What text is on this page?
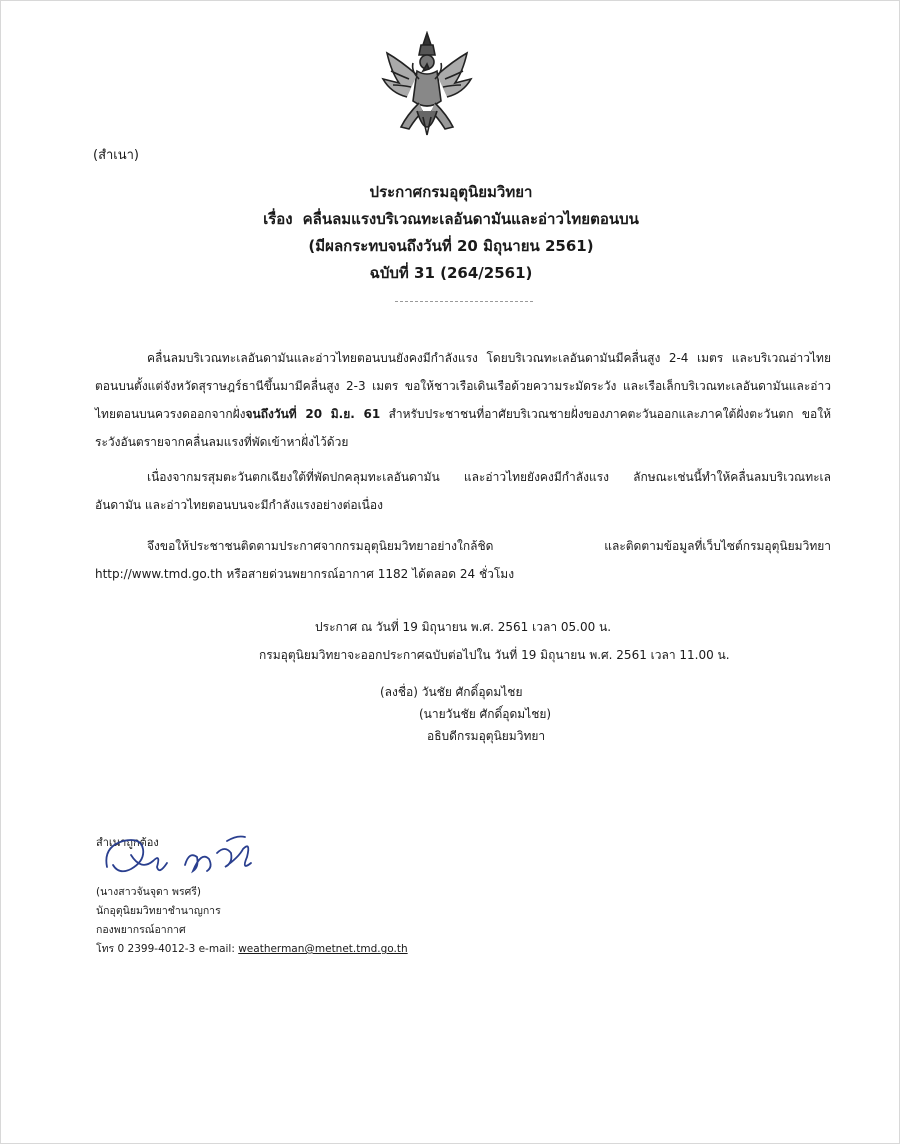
(สำเนา)
ประกาศกรมอุตุนิยมวิทยา
เรื่อง คลื่นลมแรงบริเวณทะเลอันดามันและอ่าวไทยตอนบน
(มีผลกระทบจนถึงวันที่ 20 มิถุนายน 2561)
ฉบับที่ 31 (264/2561)
คลื่นลมบริเวณทะเลอันดามันและอ่าวไทยตอนบนยังคงมีกำลังแรง โดยบริเวณทะเลอันดามันมีคลื่นสูง 2-4 เมตร และบริเวณอ่าวไทยตอนบนตั้งแต่จังหวัดสุราษฎร์ธานีขึ้นมามีคลื่นสูง 2-3 เมตร ขอให้ชาวเรือเดินเรือด้วยความระมัดระวัง และเรือเล็กบริเวณทะเลอันดามันและอ่าวไทยตอนบนควรงดออกจากฝั่งจนถึงวันที่ 20 มิ.ย. 61 สำหรับประชาชนที่อาศัยบริเวณชายฝั่งของภาคตะวันออกและภาคใต้ฝั่งตะวันตก ขอให้ระวังอันตรายจากคลื่นลมแรงที่พัดเข้าหาฝั่งไว้ด้วย
เนื่องจากมรสุมตะวันตกเฉียงใต้ที่พัดปกคลุมทะเลอันดามัน และอ่าวไทยยังคงมีกำลังแรง ลักษณะเช่นนี้ทำให้คลื่นลมบริเวณทะเลอันดามัน และอ่าวไทยตอนบนจะมีกำลังแรงอย่างต่อเนื่อง
จึงขอให้ประชาชนติดตามประกาศจากกรมอุตุนิยมวิทยาอย่างใกล้ชิด และติดตามข้อมูลที่เว็บไซต์กรมอุตุนิยมวิทยา http://www.tmd.go.th หรือสายด่วนพยากรณ์อากาศ 1182 ได้ตลอด 24 ชั่วโมง
ประกาศ ณ วันที่ 19 มิถุนายน พ.ศ. 2561 เวลา 05.00 น.
กรมอุตุนิยมวิทยาจะออกประกาศฉบับต่อไปใน วันที่ 19 มิถุนายน พ.ศ. 2561 เวลา 11.00 น.
(ลงชื่อ) วันชัย ศักดิ์อุดมไชย
(นายวันชัย ศักดิ์อุดมไชย)
อธิบดีกรมอุตุนิยมวิทยา
สำเนาถูกต้อง
(นางสาวจันจุดา พรศรี)
นักอุตุนิยมวิทยาชำนาญการ
กองพยากรณ์อากาศ
โทร 0 2399-4012-3 e-mail: weatherman@metnet.tmd.go.th
